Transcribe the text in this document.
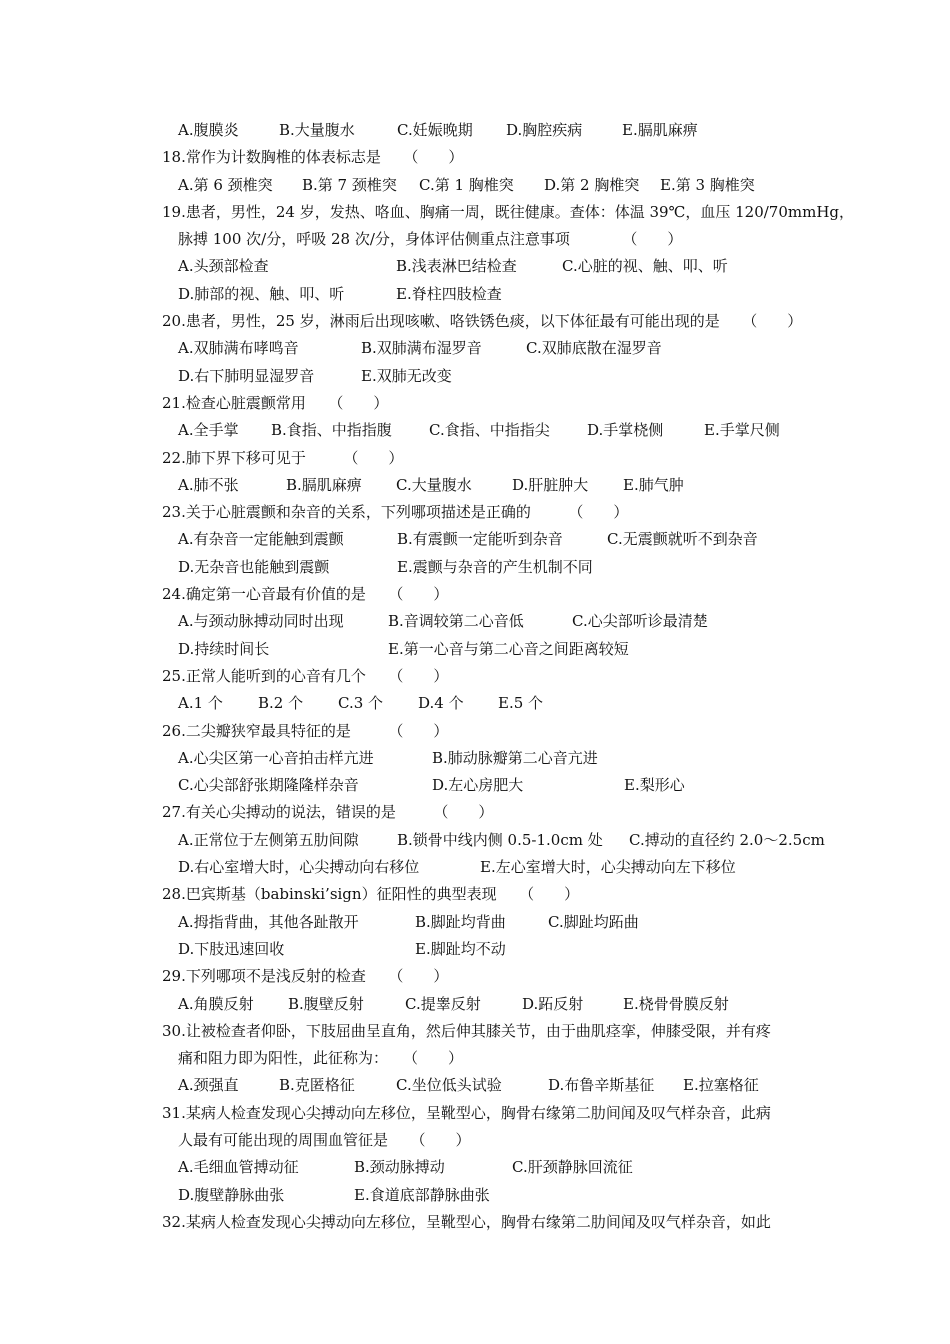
A.腹膜炎	B.大量腹水	C.妊娠晚期 D.胸腔疾病	E.膈肌麻痹
18.常作为计数胸椎的体表标志是　　（　　）
A.第 6 颈椎突 B.第 7 颈椎突 C.第 1 胸椎突 D.第 2 胸椎突 E.第 3 胸椎突
19.患者，男性，24 岁，发热、咯血、胸痛一周，既往健康。查体：体温 39℃，血压 120/70mmHg，
脉搏 100 次/分，呼吸 28 次/分，身体评估侧重点注意事项　　　　（　　）
A.头颈部检查	B.浅表淋巴结检查	C.心脏的视、触、叩、听
D.肺部的视、触、叩、听	E.脊柱四肢检查
20.患者，男性，25 岁，淋雨后出现咳嗽、咯铁锈色痰，以下体征最有可能出现的是　　（　　）
A.双肺满布哮鸣音	B.双肺满布湿罗音	C.双肺底散在湿罗音
D.右下肺明显湿罗音	E.双肺无改变
21.检查心脏震颤常用　　（　　）
A.全手掌 B.食指、中指指腹 C.食指、中指指尖 D.手掌桡侧	E.手掌尺侧
22.肺下界下移可见于　　　（　　）
A.肺不张	B.膈肌麻痹 C.大量腹水	D.肝脏肿大 E.肺气肿
23.关于心脏震颤和杂音的关系，下列哪项描述是正确的　　　（　　）
A.有杂音一定能触到震颤	B.有震颤一定能听到杂音	C.无震颤就听不到杂音
D.无杂音也能触到震颤	E.震颤与杂音的产生机制不同
24.确定第一心音最有价值的是　　（　　）
A.与颈动脉搏动同时出现	B.音调较第二心音低	C.心尖部听诊最清楚
D.持续时间长	E.第一心音与第二心音之间距离较短
25.正常人能听到的心音有几个　　（　　）
A.1 个 B.2 个 C.3 个 D.4 个 E.5 个
26.二尖瓣狭窄最具特征的是　　　（　　）
A.心尖区第一心音拍击样亢进	B.肺动脉瓣第二心音亢进
C.心尖部舒张期隆隆样杂音	D.左心房肥大	E.梨形心
27.有关心尖搏动的说法，错误的是　　　（　　）
A.正常位于左侧第五肋间隙	B.锁骨中线内侧 0.5-1.0cm 处 C.搏动的直径约 2.0～2.5cm
D.右心室增大时，心尖搏动向右移位	E.左心室增大时，心尖搏动向左下移位
28.巴宾斯基（babinski’sign）征阳性的典型表现　　（　　）
A.拇指背曲，其他各趾散开	B.脚趾均背曲	C.脚趾均跖曲
D.下肢迅速回收	E.脚趾均不动
29.下列哪项不是浅反射的检查　　（　　）
A.角膜反射 B.腹壁反射	C.提睾反射	D.跖反射	E.桡骨骨膜反射
30.让被检查者仰卧，下肢屈曲呈直角，然后伸其膝关节，由于曲肌痉挛，伸膝受限，并有疼
痛和阻力即为阳性，此征称为：　　（　　）
A.颈强直	B.克匿格征	C.坐位低头试验	D.布鲁辛斯基征 E.拉塞格征
31.某病人检查发现心尖搏动向左移位，呈靴型心，胸骨右缘第二肋间闻及叹气样杂音，此病
人最有可能出现的周围血管征是　　（　　）
A.毛细血管搏动征	B.颈动脉搏动	C.肝颈静脉回流征
D.腹壁静脉曲张	E.食道底部静脉曲张
32.某病人检查发现心尖搏动向左移位，呈靴型心，胸骨右缘第二肋间闻及叹气样杂音，如此
